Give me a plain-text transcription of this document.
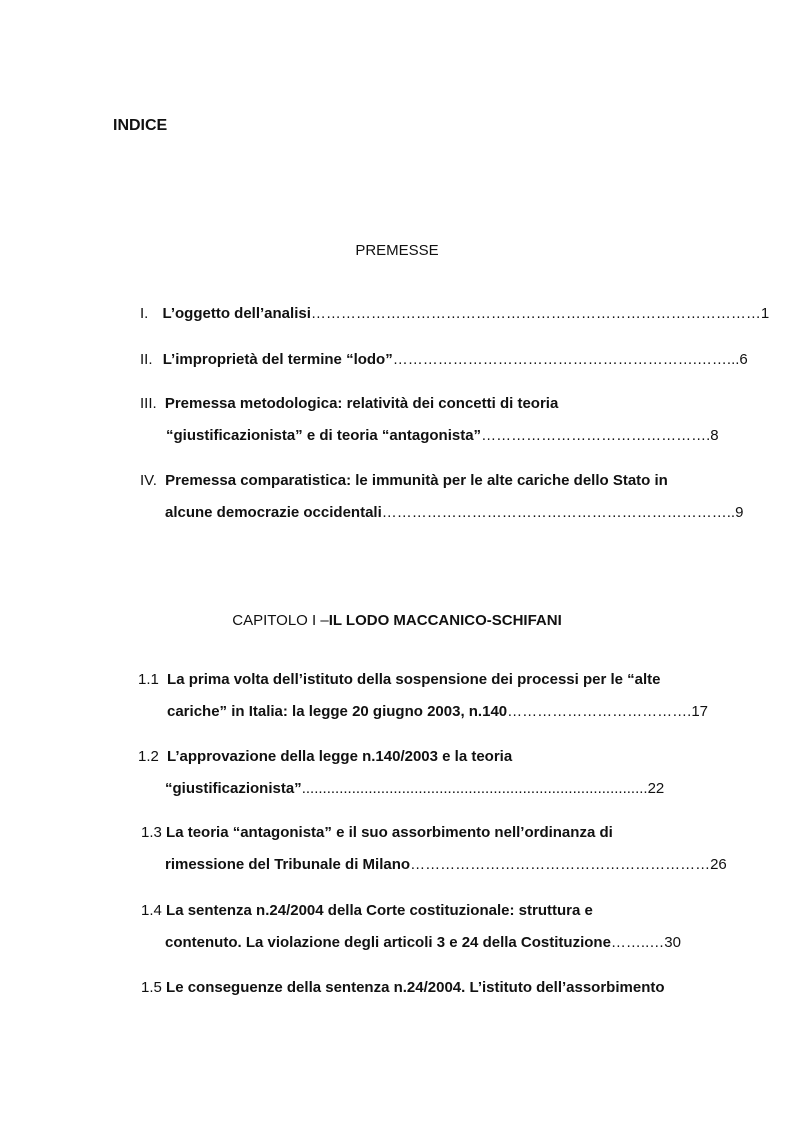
INDICE
PREMESSE
I. L’oggetto dell’analisi………………………………………………………………………………1
II. L’improprietà del termine “lodo”…………………………………………………….……...6
III. Premessa metodologica: relatività dei concetti di teoria
“giustificazionista” e di teoria “antagonista”……………………………………….8
IV. Premessa comparatistica: le immunità per le alte cariche dello Stato in
alcune democrazie occidentali……………………………………………………………..9
CAPITOLO I –IL LODO MACCANICO-SCHIFANI
1.1 La prima volta dell’istituto della sospensione dei processi per le “alte
cariche” in Italia: la legge 20 giugno 2003, n.140……………………………….17
1.2 L’approvazione della legge n.140/2003 e la teoria
“giustificazionista”...................................................................................22
1.3 La teoria “antagonista” e il suo assorbimento nell’ordinanza di
rimessione del Tribunale di Milano……………………………………………………26
1.4 La sentenza n.24/2004 della Corte costituzionale: struttura e
contenuto. La violazione degli articoli 3 e 24 della Costituzione……..…30
1.5 Le conseguenze della sentenza n.24/2004. L’istituto dell’assorbimento
